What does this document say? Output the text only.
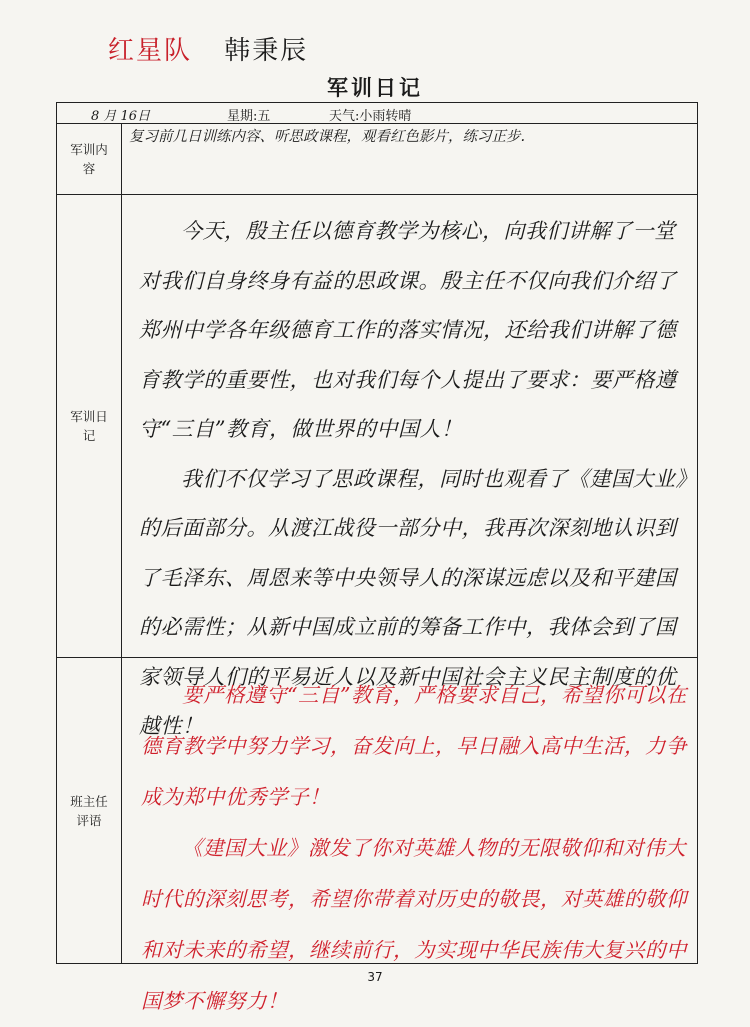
红星队 韩秉辰
军训日记
8 月 16日	星期:五	天气:小雨转晴
军训内容
复习前几日训练内容、听思政课程，观看红色影片，练习正步.
军训日记

今天，殷主任以德育教学为核心，向我们讲解了一堂对我们自身终身有益的思政课。殷主任不仅向我们介绍了郑州中学各年级德育工作的落实情况，还给我们讲解了德育教学的重要性，也对我们每个人提出了要求：要严格遵守“三自”教育，做世界的中国人！

我们不仅学习了思政课程，同时也观看了《建国大业》的后面部分。从渡江战役一部分中，我再次深刻地认识到了毛泽东、周恩来等中央领导人的深谋远虑以及和平建国的必需性；从新中国成立前的筹备工作中，我体会到了国家领导人们的平易近人以及新中国社会主义民主制度的优越性！

班主任评语

要严格遵守“三自”教育，严格要求自己，希望你可以在德育教学中努力学习，奋发向上，早日融入高中生活，力争成为郑中优秀学子！

《建国大业》激发了你对英雄人物的无限敬仰和对伟大时代的深刻思考，希望你带着对历史的敬畏，对英雄的敬仰和对未来的希望，继续前行，为实现中华民族伟大复兴的中国梦不懈努力！

37
